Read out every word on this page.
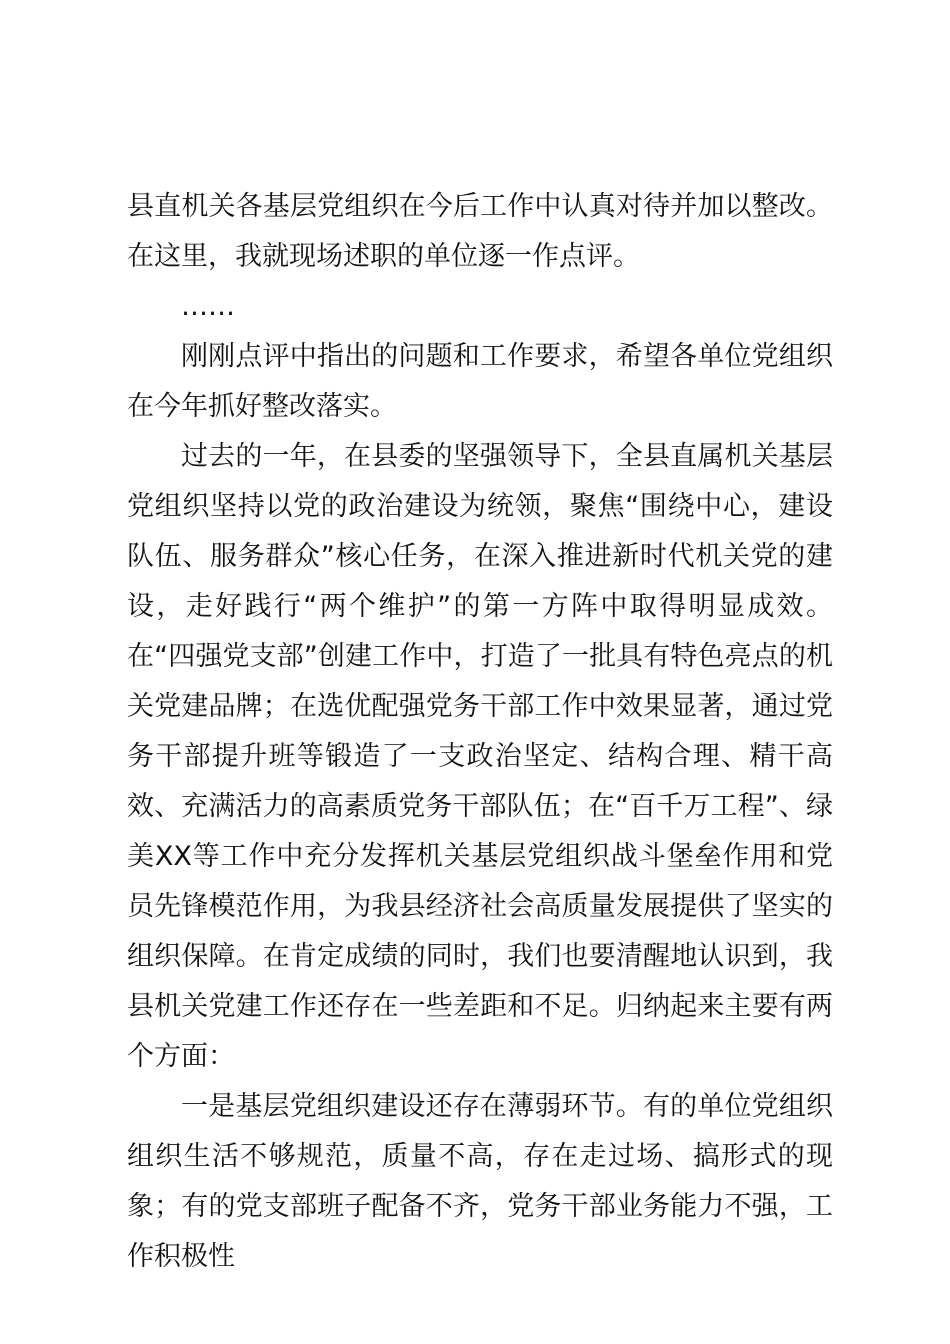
县直机关各基层党组织在今后工作中认真对待并加以整改。在这里，我就现场述职的单位逐一作点评。

……

刚刚点评中指出的问题和工作要求，希望各单位党组织在今年抓好整改落实。

过去的一年，在县委的坚强领导下，全县直属机关基层党组织坚持以党的政治建设为统领，聚焦“围绕中心，建设队伍、服务群众”核心任务，在深入推进新时代机关党的建设，走好践行“两个维护”的第一方阵中取得明显成效。在“四强党支部”创建工作中，打造了一批具有特色亮点的机关党建品牌；在选优配强党务干部工作中效果显著，通过党务干部提升班等锻造了一支政治坚定、结构合理、精干高效、充满活力的高素质党务干部队伍；在“百千万工程”、绿美XX等工作中充分发挥机关基层党组织战斗堡垒作用和党员先锋模范作用，为我县经济社会高质量发展提供了坚实的组织保障。在肯定成绩的同时，我们也要清醒地认识到，我县机关党建工作还存在一些差距和不足。归纳起来主要有两个方面：

一是基层党组织建设还存在薄弱环节。有的单位党组织组织生活不够规范，质量不高，存在走过场、搞形式的现象；有的党支部班子配备不齐，党务干部业务能力不强，工作积极性
